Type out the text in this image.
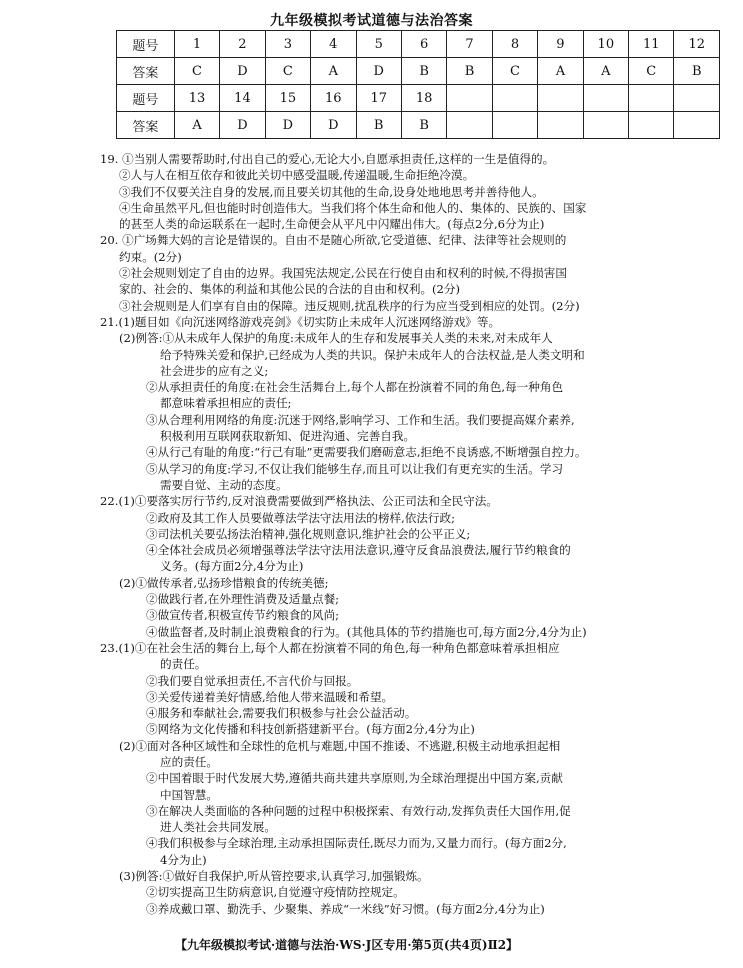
九年级模拟考试道德与法治答案
题号	1	2	3	4	5	6	7	8	9	10	11	12
答案	C	D	C	A	D	B	B	C	A	A	C	B
题号	13	14	15	16	17	18						
答案	A	D	D	D	B	B						
19. ①当别人需要帮助时,付出自己的爱心,无论大小,自愿承担责任,这样的一生是值得的。
②人与人在相互依存和彼此关切中感受温暖,传递温暖,生命拒绝冷漠。
③我们不仅要关注自身的发展,而且要关切其他的生命,设身处地地思考并善待他人。
④生命虽然平凡,但也能时时创造伟大。当我们将个体生命和他人的、集体的、民族的、国家
的甚至人类的命运联系在一起时,生命便会从平凡中闪耀出伟大。(每点2分,6分为止)
20. ①广场舞大妈的言论是错误的。自由不是随心所欲,它受道德、纪律、法律等社会规则的
约束。(2分)
②社会规则划定了自由的边界。我国宪法规定,公民在行使自由和权利的时候,不得损害国
家的、社会的、集体的利益和其他公民的合法的自由和权利。(2分)
③社会规则是人们享有自由的保障。违反规则,扰乱秩序的行为应当受到相应的处罚。(2分)
21.(1)题目如《向沉迷网络游戏亮剑》《切实防止未成年人沉迷网络游戏》等。
(2)例答:①从未成年人保护的角度:未成年人的生存和发展事关人类的未来,对未成年人
给予特殊关爱和保护,已经成为人类的共识。保护未成年人的合法权益,是人类文明和
社会进步的应有之义;
②从承担责任的角度:在社会生活舞台上,每个人都在扮演着不同的角色,每一种角色
都意味着承担相应的责任;
③从合理利用网络的角度:沉迷于网络,影响学习、工作和生活。我们要提高媒介素养,
积极利用互联网获取新知、促进沟通、完善自我。
④从行己有耻的角度:“行己有耻”更需要我们磨砺意志,拒绝不良诱惑,不断增强自控力。
⑤从学习的角度:学习,不仅让我们能够生存,而且可以让我们有更充实的生活。学习
需要自觉、主动的态度。
22.(1)①要落实厉行节约,反对浪费需要做到严格执法、公正司法和全民守法。
②政府及其工作人员要做尊法学法守法用法的榜样,依法行政;
③司法机关要弘扬法治精神,强化规则意识,维护社会的公平正义;
④全体社会成员必须增强尊法学法守法用法意识,遵守反食品浪费法,履行节约粮食的
义务。(每方面2分,4分为止)
(2)①做传承者,弘扬珍惜粮食的传统美德;
②做践行者,在外理性消费及适量点餐;
③做宣传者,积极宣传节约粮食的风尚;
④做监督者,及时制止浪费粮食的行为。(其他具体的节约措施也可,每方面2分,4分为止)
23.(1)①在社会生活的舞台上,每个人都在扮演着不同的角色,每一种角色都意味着承担相应
的责任。
②我们要自觉承担责任,不言代价与回报。
③关爱传递着美好情感,给他人带来温暖和希望。
④服务和奉献社会,需要我们积极参与社会公益活动。
⑤网络为文化传播和科技创新搭建新平台。(每方面2分,4分为止)
(2)①面对各种区域性和全球性的危机与难题,中国不推诿、不逃避,积极主动地承担起相
应的责任。
②中国着眼于时代发展大势,遵循共商共建共享原则,为全球治理提出中国方案,贡献
中国智慧。
③在解决人类面临的各种问题的过程中积极探索、有效行动,发挥负责任大国作用,促
进人类社会共同发展。
④我们积极参与全球治理,主动承担国际责任,既尽力而为,又量力而行。(每方面2分,
4分为止)
(3)例答:①做好自我保护,听从管控要求,认真学习,加强锻炼。
②切实提高卫生防病意识,自觉遵守疫情防控规定。
③养成戴口罩、勤洗手、少聚集、养成“一米线”好习惯。(每方面2分,4分为止)
【九年级模拟考试·道德与法治·WS·J区专用·第5页(共4页)Ⅱ2】
